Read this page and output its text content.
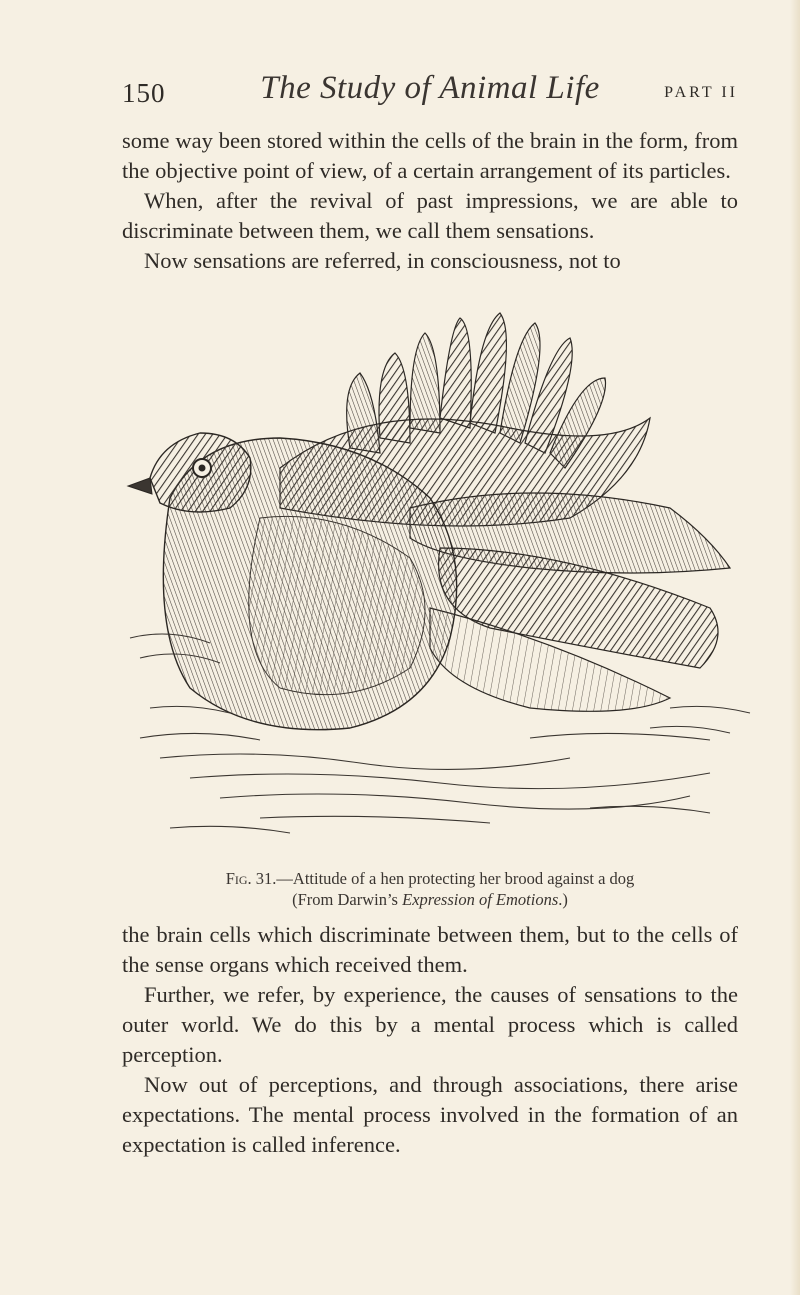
150	The Study of Animal Life	PART II

some way been stored within the cells of the brain in the form, from the objective point of view, of a certain arrangement of its particles.

When, after the revival of past impressions, we are able to discriminate between them, we call them sensations.

Now sensations are referred, in consciousness, not to

Fig. 31.—Attitude of a hen protecting her brood against a dog
(From Darwin’s Expression of Emotions.)

the brain cells which discriminate between them, but to the cells of the sense organs which received them.

Further, we refer, by experience, the causes of sensations to the outer world. We do this by a mental process which is called perception.

Now out of perceptions, and through associations, there arise expectations. The mental process involved in the formation of an expectation is called inference.
